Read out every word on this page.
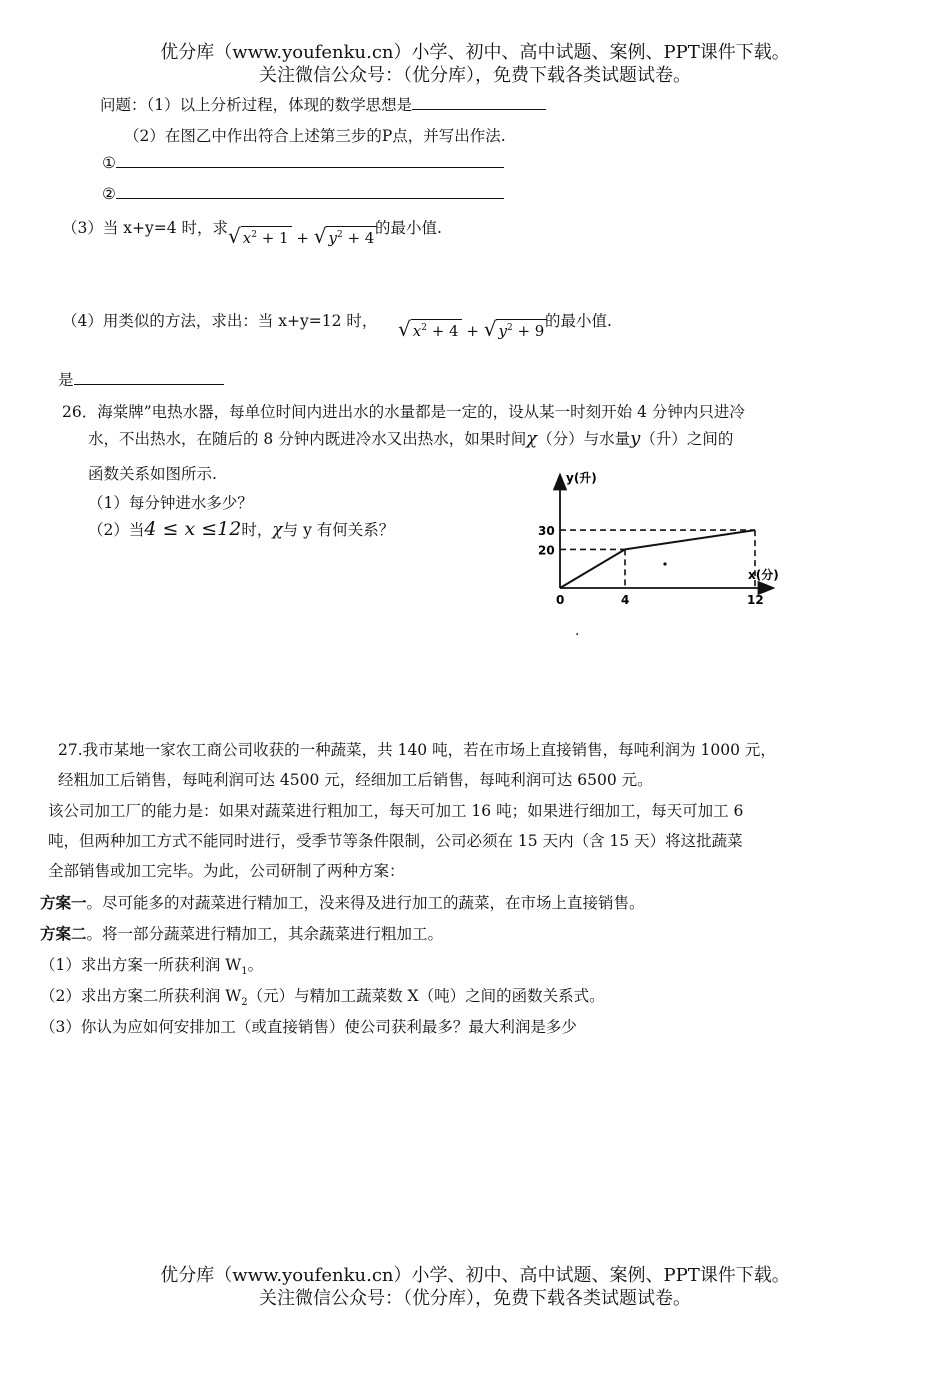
优分库（www.youfenku.cn）小学、初中、高中试题、案例、PPT课件下载。
关注微信公众号：（优分库），免费下载各类试题试卷。
问题：（1）以上分析过程，体现的数学思想是
（2）在图乙中作出符合上述第三步的P点，并写出作法.
①
②
（3）当 x+y=4 时，求 √ $x^2 + 1$ + √ $y^2 + 4$
的最小值.
（4）用类似的方法，求出：当 x+y=12 时， √ $x^2 + 4$ + √ $y^2 + 9$
的最小值.
是
26．海棠牌”电热水器，每单位时间内进出水的水量都是一定的，设从某一时刻开始 4 分钟内只进冷
水，不出热水，在随后的 8 分钟内既进冷水又出热水，如果时间χ（分）与水量y（升）之间的
函数关系如图所示.
（1）每分钟进水多少？
（2）当4 ≤ x ≤12时，χ与 y 有何关系？
y(升)
x(分)
0	4	12
20
30
.
27.我市某地一家农工商公司收获的一种蔬菜，共 140 吨，若在市场上直接销售，每吨利润为 1000 元，
经粗加工后销售，每吨利润可达 4500 元，经细加工后销售，每吨利润可达 6500 元。
该公司加工厂的能力是：如果对蔬菜进行粗加工，每天可加工 16 吨；如果进行细加工，每天可加工 6
吨，但两种加工方式不能同时进行，受季节等条件限制，公司必须在 15 天内（含 15 天）将这批蔬菜
全部销售或加工完毕。为此，公司研制了两种方案：
方案一。尽可能多的对蔬菜进行精加工，没来得及进行加工的蔬菜，在市场上直接销售。
方案二。将一部分蔬菜进行精加工，其余蔬菜进行粗加工。
（1）求出方案一所获利润 $W_1$。
（2）求出方案二所获利润 $W_2$（元）与精加工蔬菜数 X（吨）之间的函数关系式。
（3）你认为应如何安排加工（或直接销售）使公司获利最多？最大利润是多少
优分库（www.youfenku.cn）小学、初中、高中试题、案例、PPT课件下载。
关注微信公众号：（优分库），免费下载各类试题试卷。
